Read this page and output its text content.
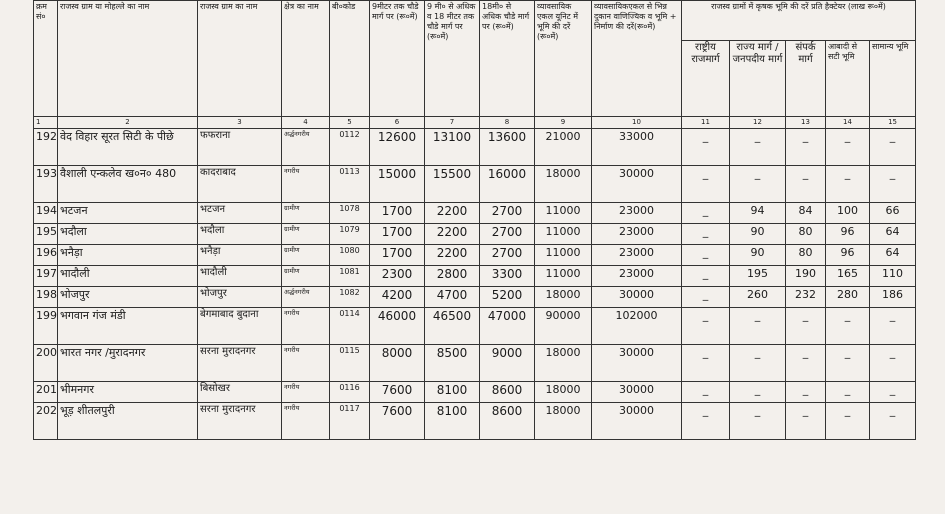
क्रम सं०	राजस्व ग्राम या मोहल्ले का नाम	राजस्व ग्राम का नाम	क्षेत्र का नाम	बी०कोड	9मीटर तक चौडे मार्ग पर (रू०में)	9 मी० से अधिक व 18 मीटर तक चौडे मार्ग पर (रू०में)	18मी० से अधिक चौडे मार्ग पर (रू०में)	व्यावसायिक एकल यूनिट में भूमि की दरें (रू०में)	व्यावसायिकएकल से भिन्न दुकान वाणिज्यिक व भूमि + निर्माण की दरें(रू०में)	राजस्व ग्रामों में कृषक भूमि की दरें प्रति हैक्टेयर (लाख रू०में)				
										राष्ट्रीय राजमार्ग	राज्य मार्ग /जनपदीय मार्ग	संपर्क मार्ग	आबादी से सटी भूमि	सामान्य भूमि
1	2	3	4	5	6	7	8	9	10	11	12	13	14	15
192	वेद विहार सूरत सिटी के पीछे	फफराना	अर्द्धनगरीय	0112	12600	13100	13600	21000	33000	_	_	_	_	_
193	वैशाली एन्कलेव ख०न० 480	कादराबाद	नगरीय	0113	15000	15500	16000	18000	30000	_	_	_	_	_
194	भटजन	भटजन	ग्रामीण	1078	1700	2200	2700	11000	23000	_	94	84	100	66
195	भदौला	भदौला	ग्रामीण	1079	1700	2200	2700	11000	23000	_	90	80	96	64
196	भनैड़ा	भनैड़ा	ग्रामीण	1080	1700	2200	2700	11000	23000	_	90	80	96	64
197	भादौली	भादौली	ग्रामीण	1081	2300	2800	3300	11000	23000	_	195	190	165	110
198	भोजपुर	भोजपुर	अर्द्धनगरीय	1082	4200	4700	5200	18000	30000	_	260	232	280	186
199	भगवान गंज मंडी	बेगमाबाद बुदाना	नगरीय	0114	46000	46500	47000	90000	102000	_	_	_	_	_
200	भारत नगर /मुरादनगर	सरना मुरादनगर	नगरीय	0115	8000	8500	9000	18000	30000	_	_	_	_	_
201	भीमनगर	बिसोखर	नगरीय	0116	7600	8100	8600	18000	30000	_	_	_	_	_
202	भूड़ शीतलपुरी	सरना मुरादनगर	नगरीय	0117	7600	8100	8600	18000	30000	_	_	_	_	_
